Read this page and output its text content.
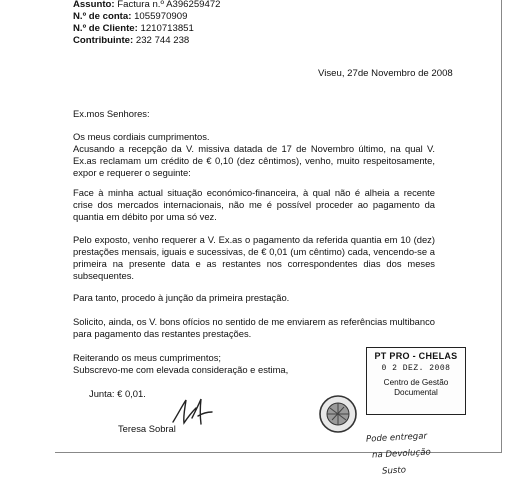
Assunto: Factura n.º A396259472
N.º de conta: 1055970909
N.º de Cliente: 1210713851
Contribuinte: 232 744 238
Viseu, 27de Novembro de 2008
Ex.mos Senhores:
Os meus cordiais cumprimentos.
Acusando a recepção da V. missiva datada de 17 de Novembro último, na qual V. Ex.as reclamam um crédito de € 0,10 (dez cêntimos), venho, muito respeitosamente, expor e requerer o seguinte:
Face à minha actual situação económico-financeira, à qual não é alheia a recente crise dos mercados internacionais, não me é possível proceder ao pagamento da quantia em débito por uma só vez.
Pelo exposto, venho requerer a V. Ex.as o pagamento da referida quantia em 10 (dez) prestações mensais, iguais e sucessivas, de € 0,01 (um cêntimo) cada, vencendo-se a primeira na presente data e as restantes nos correspondentes dias dos meses subsequentes.
Para tanto, procedo à junção da primeira prestação.
Solicito, ainda, os V. bons ofícios no sentido de me enviarem as referências multibanco para pagamento das restantes prestações.
Reiterando os meus cumprimentos;
Subscrevo-me com elevada consideração e estima,
Junta: € 0,01.
Teresa Sobral
PT PRO - CHELAS
0 2 DEZ. 2008
Centro de Gestão
Documental
Pode entregar
na Devolução
Susto
